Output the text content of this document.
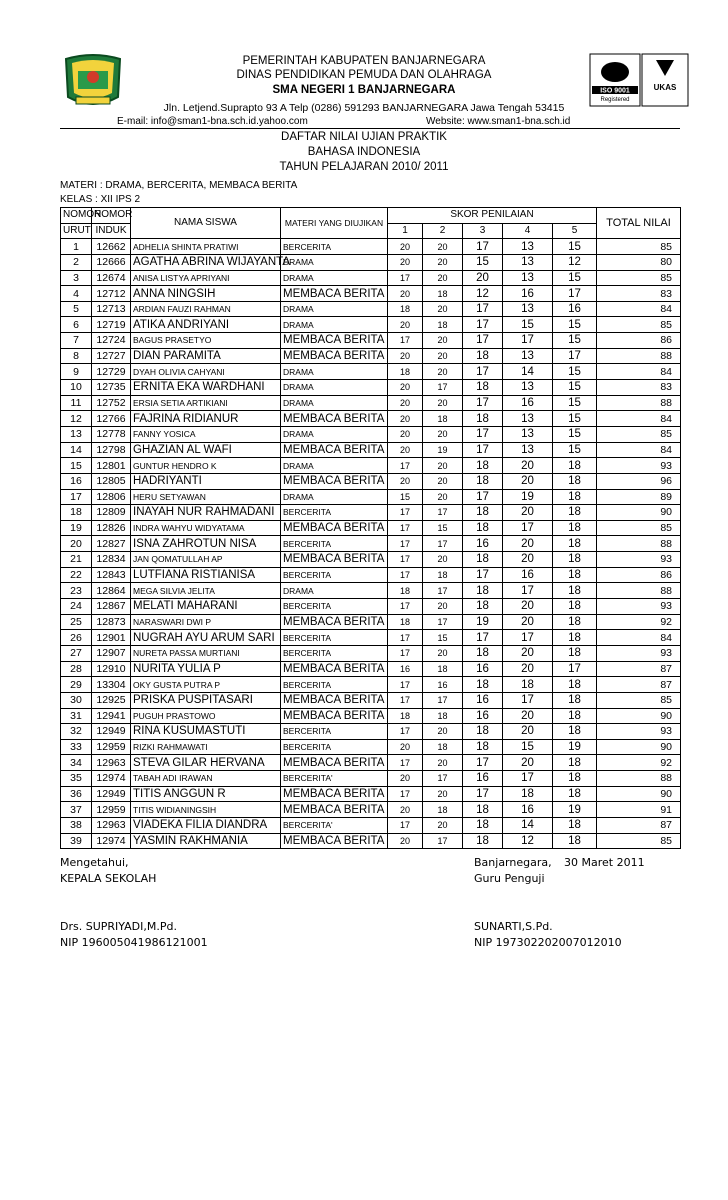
PEMERINTAH KABUPATEN BANJARNEGARA
DINAS PENDIDIKAN PEMUDA DAN OLAHRAGA
SMA NEGERI 1 BANJARNEGARA
Jln. Letjend.Suprapto 93 A Telp (0286) 591293 BANJARNEGARA Jawa Tengah 53415
E-mail: info@sman1-bna.sch.id.yahoo.com	Website: www.sman1-bna.sch.id
ISO 9001
Registered
UKAS
DAFTAR NILAI UJIAN PRAKTIK
BAHASA INDONESIA
TAHUN PELAJARAN 2010/ 2011
MATERI : DRAMA, BERCERITA, MEMBACA BERITA
KELAS : XII IPS 2
NOMOR	NOMOR	NAMA SISWA	MATERI YANG DIUJIKAN	SKOR PENILAIAN					TOTAL NILAI
URUT	INDUK			1	2	3	4	5	
1	12662	ADHELIA SHINTA PRATIWI	BERCERITA	20	20	17	13	15	85
2	12666	AGATHA ABRINA WIJAYANTA	DRAMA	20	20	15	13	12	80
3	12674	ANISA LISTYA APRIYANI	DRAMA	17	20	20	13	15	85
4	12712	ANNA NINGSIH	MEMBACA BERITA	20	18	12	16	17	83
5	12713	ARDIAN FAUZI RAHMAN	DRAMA	18	20	17	13	16	84
6	12719	ATIKA ANDRIYANI	DRAMA	20	18	17	15	15	85
7	12724	BAGUS PRASETYO	MEMBACA BERITA	17	20	17	17	15	86
8	12727	DIAN PARAMITA	MEMBACA BERITA	20	20	18	13	17	88
9	12729	DYAH OLIVIA CAHYANI	DRAMA	18	20	17	14	15	84
10	12735	ERNITA EKA WARDHANI	DRAMA	20	17	18	13	15	83
11	12752	ERSIA SETIA ARTIKIANI	DRAMA	20	20	17	16	15	88
12	12766	FAJRINA RIDIANUR	MEMBACA BERITA	20	18	18	13	15	84
13	12778	FANNY YOSICA	DRAMA	20	20	17	13	15	85
14	12798	GHAZIAN AL WAFI	MEMBACA BERITA	20	19	17	13	15	84
15	12801	GUNTUR HENDRO K	DRAMA	17	20	18	20	18	93
16	12805	HADRIYANTI	MEMBACA BERITA	20	20	18	20	18	96
17	12806	HERU SETYAWAN	DRAMA	15	20	17	19	18	89
18	12809	INAYAH NUR RAHMADANI	BERCERITA	17	17	18	20	18	90
19	12826	INDRA WAHYU WIDYATAMA	MEMBACA BERITA	17	15	18	17	18	85
20	12827	ISNA ZAHROTUN NISA	BERCERITA	17	17	16	20	18	88
21	12834	JAN QOMATULLAH AP	MEMBACA BERITA	17	20	18	20	18	93
22	12843	LUTFIANA RISTIANISA	BERCERITA	17	18	17	16	18	86
23	12864	MEGA SILVIA JELITA	DRAMA	18	17	18	17	18	88
24	12867	MELATI MAHARANI	BERCERITA	17	20	18	20	18	93
25	12873	NARASWARI DWI P	MEMBACA BERITA	18	17	19	20	18	92
26	12901	NUGRAH AYU ARUM SARI	BERCERITA	17	15	17	17	18	84
27	12907	NURETA PASSA MURTIANI	BERCERITA	17	20	18	20	18	93
28	12910	NURITA YULIA P	MEMBACA BERITA	16	18	16	20	17	87
29	13304	OKY GUSTA PUTRA P	BERCERITA	17	16	18	18	18	87
30	12925	PRISKA PUSPITASARI	MEMBACA BERITA	17	17	16	17	18	85
31	12941	PUGUH PRASTOWO	MEMBACA BERITA	18	18	16	20	18	90
32	12949	RINA KUSUMASTUTI	BERCERITA	17	20	18	20	18	93
33	12959	RIZKI RAHMAWATI	BERCERITA	20	18	18	15	19	90
34	12963	STEVA GILAR HERVANA	MEMBACA BERITA	17	20	17	20	18	92
35	12974	TABAH ADI IRAWAN	BERCERITA'	20	17	16	17	18	88
36	12949	TITIS ANGGUN R	MEMBACA BERITA	17	20	17	18	18	90
37	12959	TITIS WIDIANINGSIH	MEMBACA BERITA	20	18	18	16	19	91
38	12963	VIADEKA FILIA DIANDRA	BERCERITA'	17	20	18	14	18	87
39	12974	YASMIN RAKHMANIA	MEMBACA BERITA	20	17	18	12	18	85
Mengetahui,
KEPALA SEKOLAH
Drs. SUPRIYADI,M.Pd.
NIP 196005041986121001
Banjarnegara, 30 Maret 2011
Guru Penguji
SUNARTI,S.Pd.
NIP 197302202007012010
